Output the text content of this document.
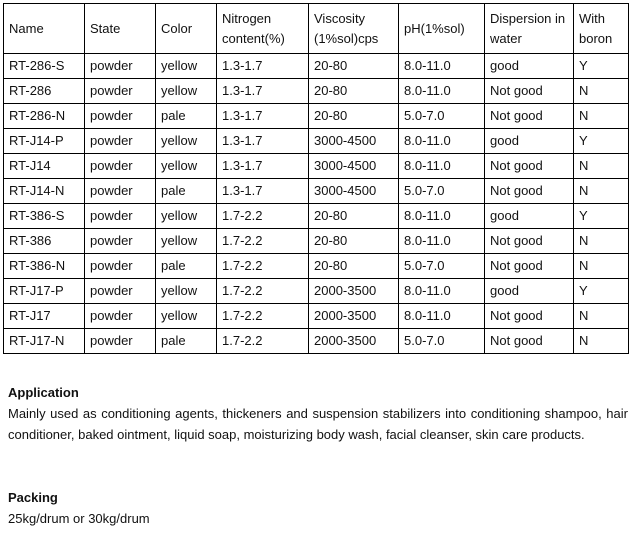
Name	State	Color	Nitrogen content(%)	Viscosity (1%sol)cps	pH(1%sol)	Dispersion in water	With boron

RT-286-S	powder	yellow	1.3-1.7	20-80	8.0-11.0	good	Y
RT-286	powder	yellow	1.3-1.7	20-80	8.0-11.0	Not good	N
RT-286-N	powder	pale	1.3-1.7	20-80	5.0-7.0	Not good	N
RT-J14-P	powder	yellow	1.3-1.7	3000-4500	8.0-11.0	good	Y
RT-J14	powder	yellow	1.3-1.7	3000-4500	8.0-11.0	Not good	N
RT-J14-N	powder	pale	1.3-1.7	3000-4500	5.0-7.0	Not good	N
RT-386-S	powder	yellow	1.7-2.2	20-80	8.0-11.0	good	Y
RT-386	powder	yellow	1.7-2.2	20-80	8.0-11.0	Not good	N
RT-386-N	powder	pale	1.7-2.2	20-80	5.0-7.0	Not good	N
RT-J17-P	powder	yellow	1.7-2.2	2000-3500	8.0-11.0	good	Y
RT-J17	powder	yellow	1.7-2.2	2000-3500	8.0-11.0	Not good	N
RT-J17-N	powder	pale	1.7-2.2	2000-3500	5.0-7.0	Not good	N
Application

Mainly used as conditioning agents, thickeners and suspension stabilizers into conditioning shampoo, hair conditioner, baked ointment, liquid soap, moisturizing body wash, facial cleanser, skin care products.

Packing

25kg/drum or 30kg/drum
